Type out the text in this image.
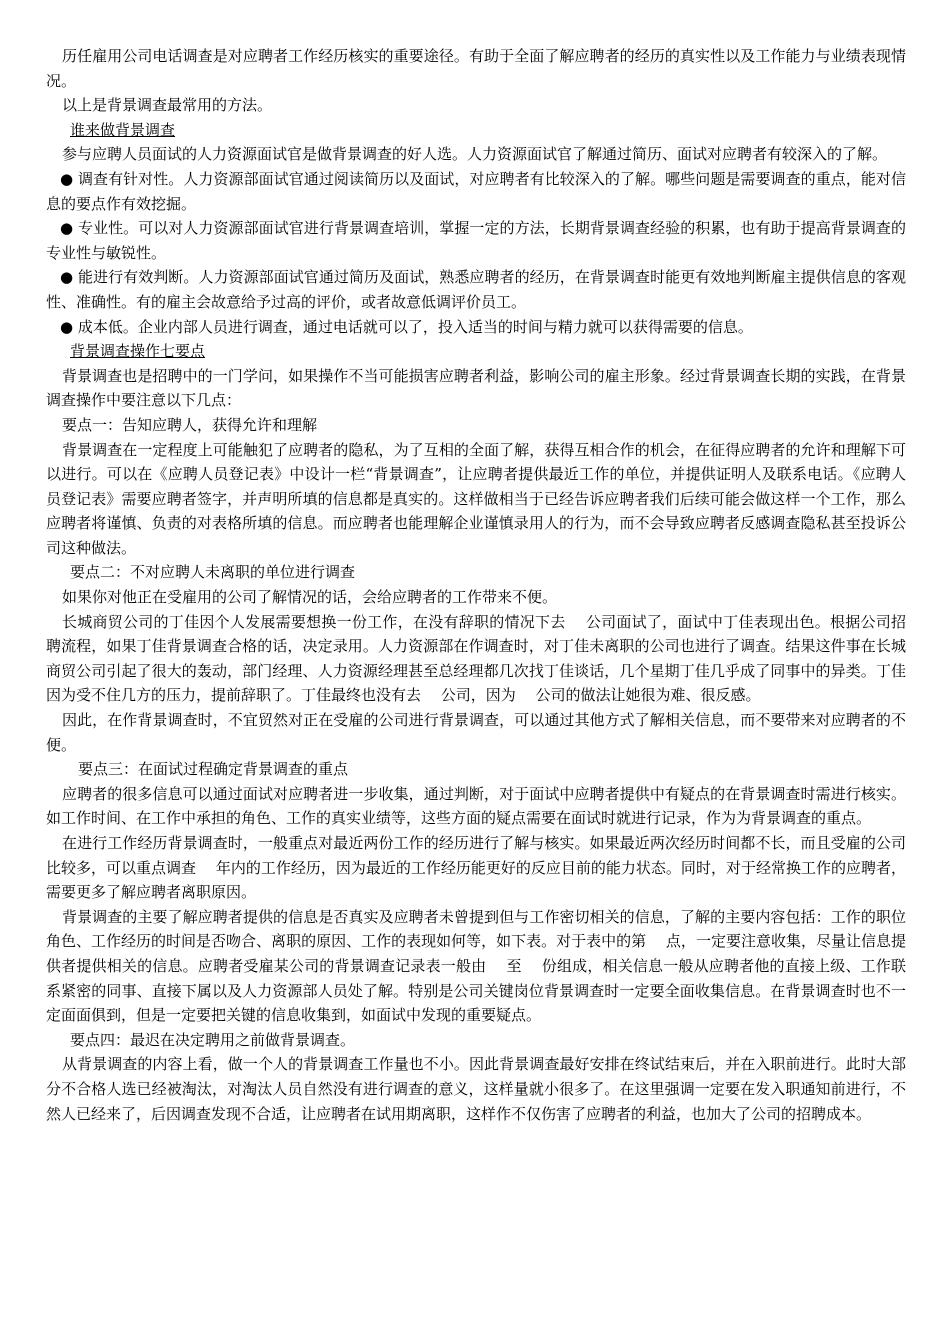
历任雇用公司电话调查是对应聘者工作经历核实的重要途径。有助于全面了解应聘者的经历的真实性以及工作能力与业绩表现情况。

以上是背景调查最常用的方法。

谁来做背景调查

参与应聘人员面试的人力资源面试官是做背景调查的好人选。人力资源面试官了解通过简历、面试对应聘者有较深入的了解。

● 调查有针对性。人力资源部面试官通过阅读简历以及面试，对应聘者有比较深入的了解。哪些问题是需要调查的重点，能对信息的要点作有效挖掘。

● 专业性。可以对人力资源部面试官进行背景调查培训，掌握一定的方法，长期背景调查经验的积累，也有助于提高背景调查的专业性与敏锐性。

● 能进行有效判断。人力资源部面试官通过简历及面试，熟悉应聘者的经历，在背景调查时能更有效地判断雇主提供信息的客观性、准确性。有的雇主会故意给予过高的评价，或者故意低调评价员工。

● 成本低。企业内部人员进行调查，通过电话就可以了，投入适当的时间与精力就可以获得需要的信息。

背景调查操作七要点

背景调查也是招聘中的一门学问，如果操作不当可能损害应聘者利益，影响公司的雇主形象。经过背景调查长期的实践，在背景调查操作中要注意以下几点：

要点一：告知应聘人，获得允许和理解

背景调查在一定程度上可能触犯了应聘者的隐私，为了互相的全面了解，获得互相合作的机会，在征得应聘者的允许和理解下可以进行。可以在《应聘人员登记表》中设计一栏“背景调查”，让应聘者提供最近工作的单位，并提供证明人及联系电话。《应聘人员登记表》需要应聘者签字，并声明所填的信息都是真实的。这样做相当于已经告诉应聘者我们后续可能会做这样一个工作，那么应聘者将谨慎、负责的对表格所填的信息。而应聘者也能理解企业谨慎录用人的行为，而不会导致应聘者反感调查隐私甚至投诉公司这种做法。

要点二：不对应聘人未离职的单位进行调查

如果你对他正在受雇用的公司了解情况的话，会给应聘者的工作带来不便。

长城商贸公司的丁佳因个人发展需要想换一份工作，在没有辞职的情况下去　 公司面试了，面试中丁佳表现出色。根据公司招聘流程，如果丁佳背景调查合格的话，决定录用。人力资源部在作调查时，对丁佳未离职的公司也进行了调查。结果这件事在长城商贸公司引起了很大的轰动，部门经理、人力资源经理甚至总经理都几次找丁佳谈话，几个星期丁佳几乎成了同事中的异类。丁佳因为受不住几方的压力，提前辞职了。丁佳最终也没有去　 公司，因为　 公司的做法让她很为难、很反感。

因此，在作背景调查时，不宜贸然对正在受雇的公司进行背景调查，可以通过其他方式了解相关信息，而不要带来对应聘者的不便。

要点三：在面试过程确定背景调查的重点

应聘者的很多信息可以通过面试对应聘者进一步收集，通过判断，对于面试中应聘者提供中有疑点的在背景调查时需进行核实。如工作时间、在工作中承担的角色、工作的真实业绩等，这些方面的疑点需要在面试时就进行记录，作为为背景调查的重点。

在进行工作经历背景调查时，一般重点对最近两份工作的经历进行了解与核实。如果最近两次经历时间都不长，而且受雇的公司比较多，可以重点调查　 年内的工作经历，因为最近的工作经历能更好的反应目前的能力状态。同时，对于经常换工作的应聘者，需要更多了解应聘者离职原因。

背景调查的主要了解应聘者提供的信息是否真实及应聘者未曾提到但与工作密切相关的信息，了解的主要内容包括：工作的职位角色、工作经历的时间是否吻合、离职的原因、工作的表现如何等，如下表。对于表中的第　 点，一定要注意收集，尽量让信息提供者提供相关的信息。应聘者受雇某公司的背景调查记录表一般由　 至　 份组成，相关信息一般从应聘者他的直接上级、工作联系紧密的同事、直接下属以及人力资源部人员处了解。特别是公司关键岗位背景调查时一定要全面收集信息。在背景调查时也不一定面面俱到，但是一定要把关键的信息收集到，如面试中发现的重要疑点。

要点四：最迟在决定聘用之前做背景调查。

从背景调查的内容上看，做一个人的背景调查工作量也不小。因此背景调查最好安排在终试结束后，并在入职前进行。此时大部分不合格人选已经被淘汰，对淘汰人员自然没有进行调查的意义，这样量就小很多了。在这里强调一定要在发入职通知前进行，不然人已经来了，后因调查发现不合适，让应聘者在试用期离职，这样作不仅伤害了应聘者的利益，也加大了公司的招聘成本。
